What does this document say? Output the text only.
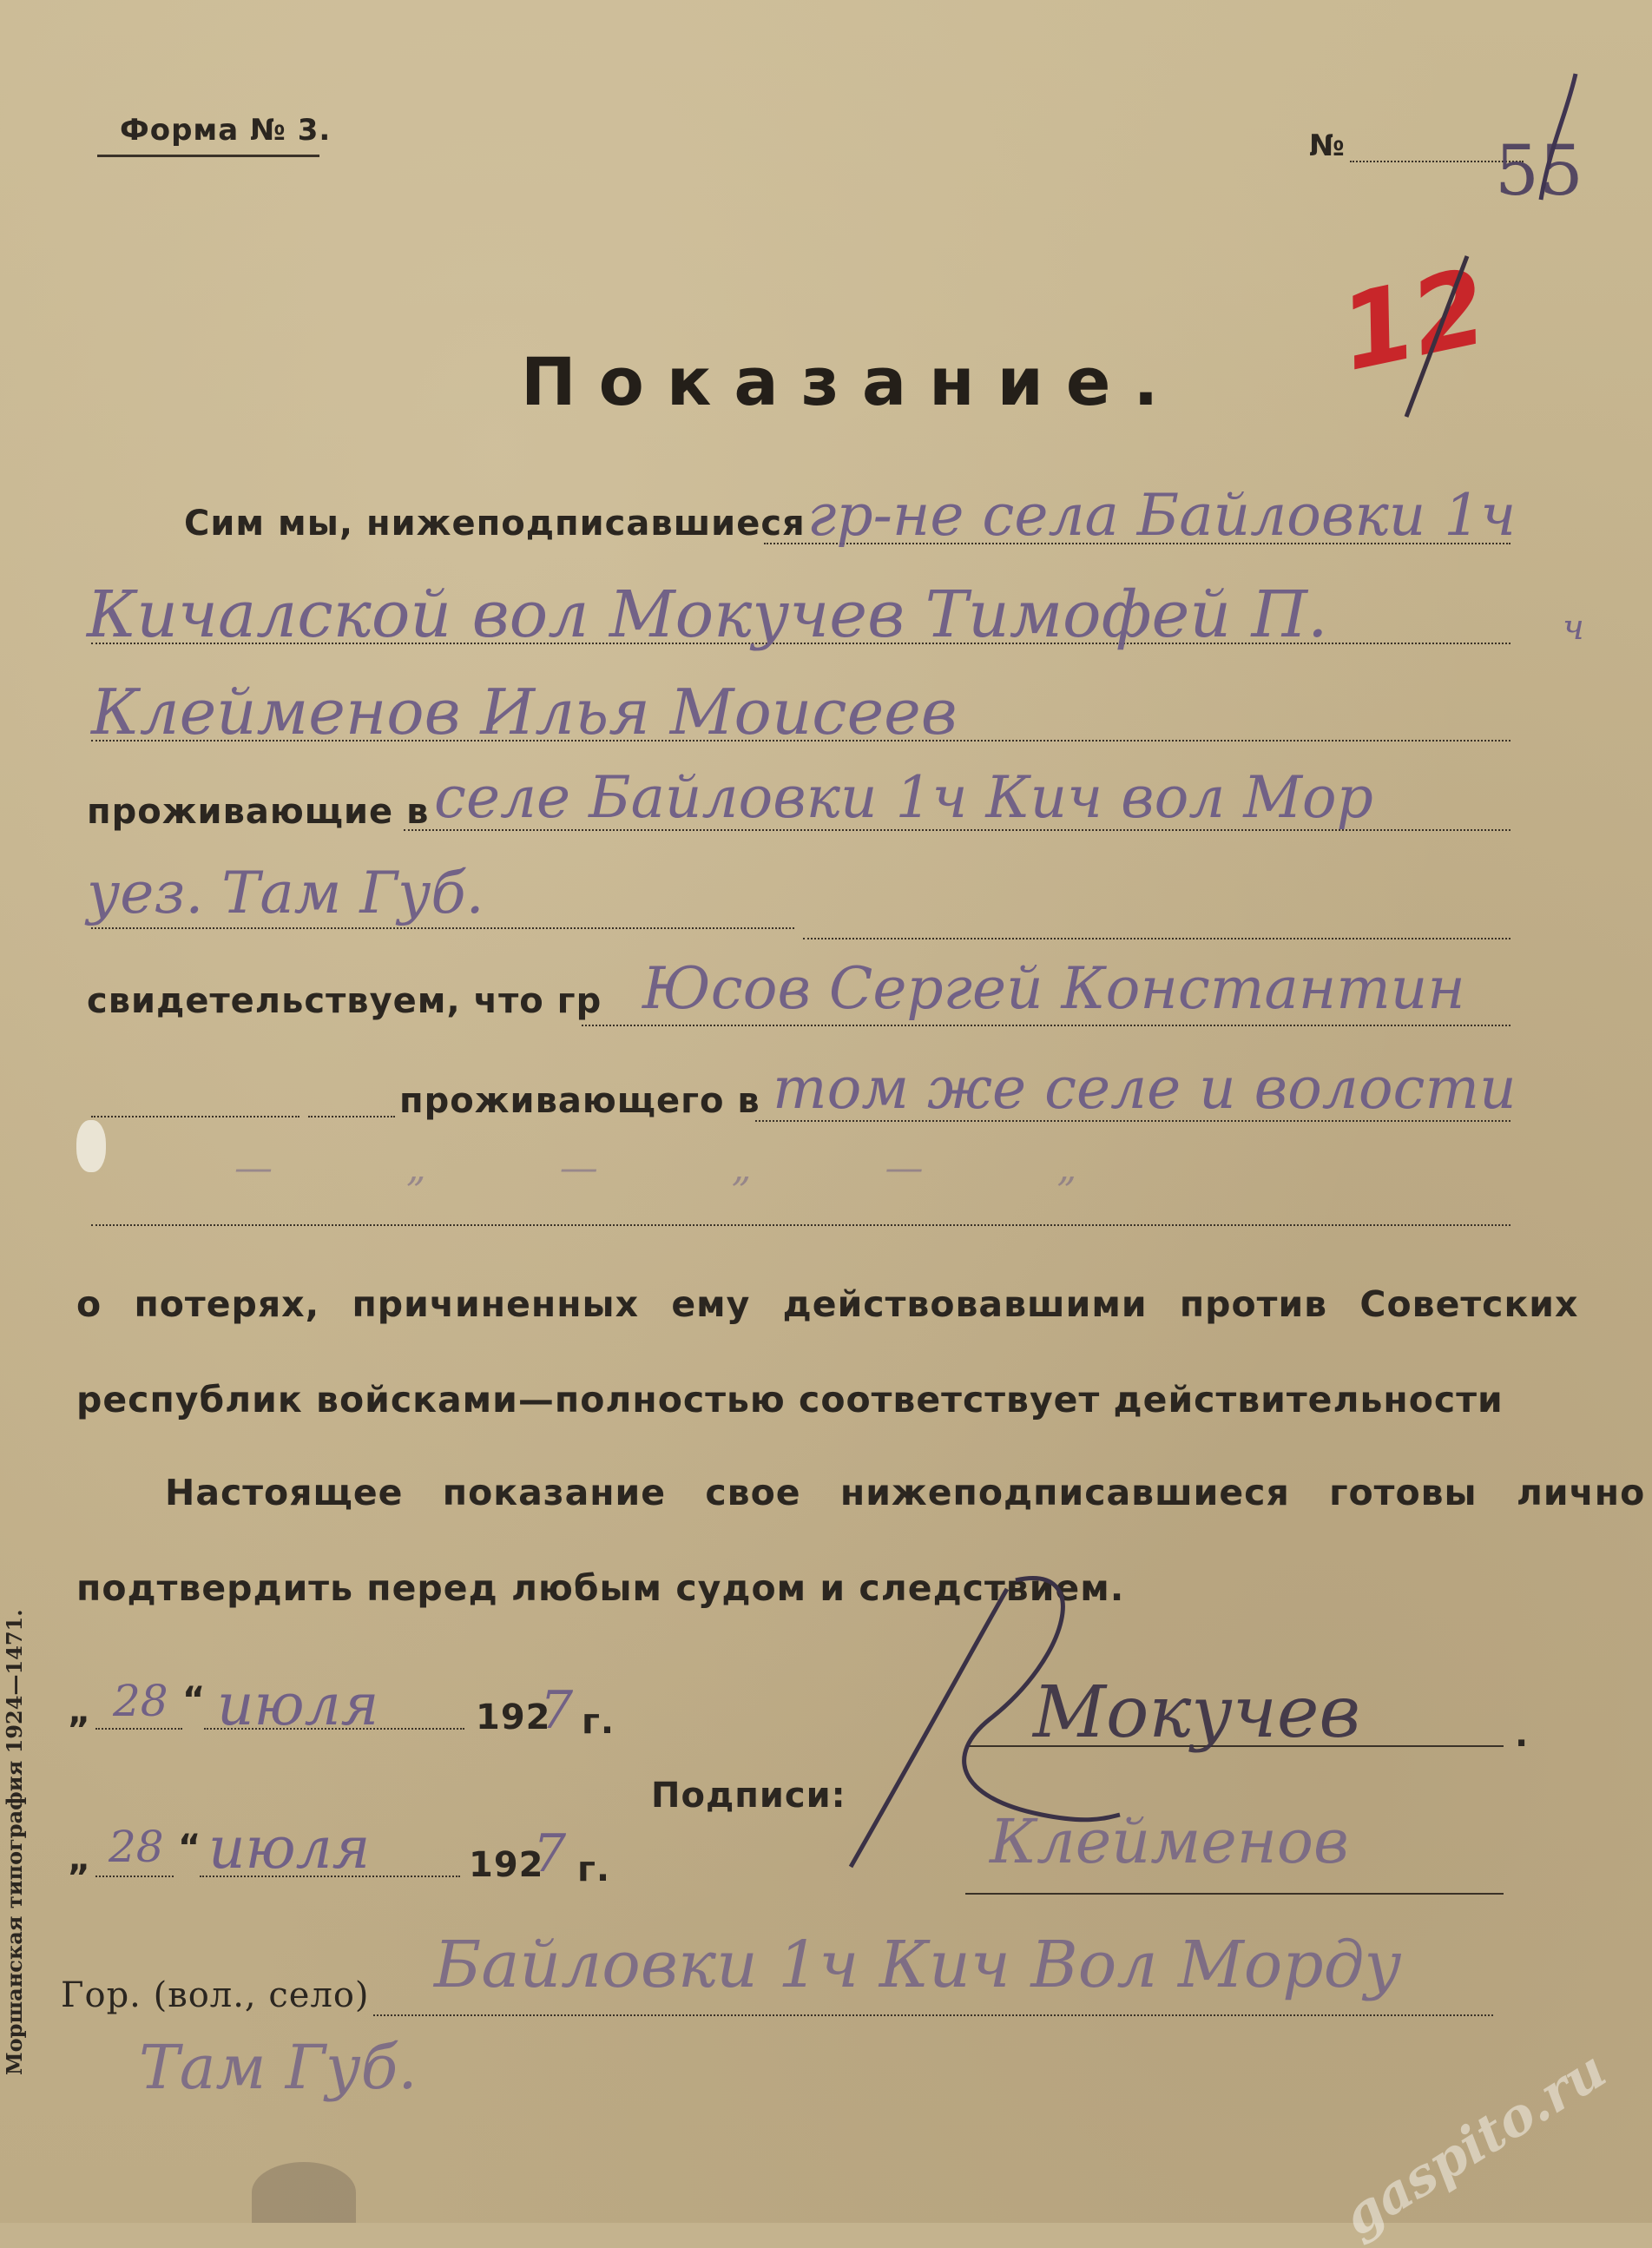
Форма № 3.	№ 55
12
Показание.
Сим мы, нижеподписавшиеся гр-не села Байловки 1ч
Кичалской вол Мокучев Тимофей П.	ч
Клейменов Илья Моисеев
проживающие в селе Байловки 1ч Кич вол Мор
уез. Там Губ.
свидетельствуем, что гр Юсов Сергей Константин
проживающего в том же селе и волости
— „ — „ — „
о потерях, причиненных ему действовавшими против Советских
республик войсками—полностью соответствует действительности
Настоящее показание свое нижеподписавшиеся готовы лично
подтвердить перед любым судом и следствием.
„ 28 “ июля	192
7 г.
Подписи:
Мокучев	.
Клейменов
„ 28 “ июля	192
7 г.
Гор. (вол., село) Байловки 1ч Кич Вол Морду
Там Губ.
Моршанская типография 1924—1471.
gaspito.ru
